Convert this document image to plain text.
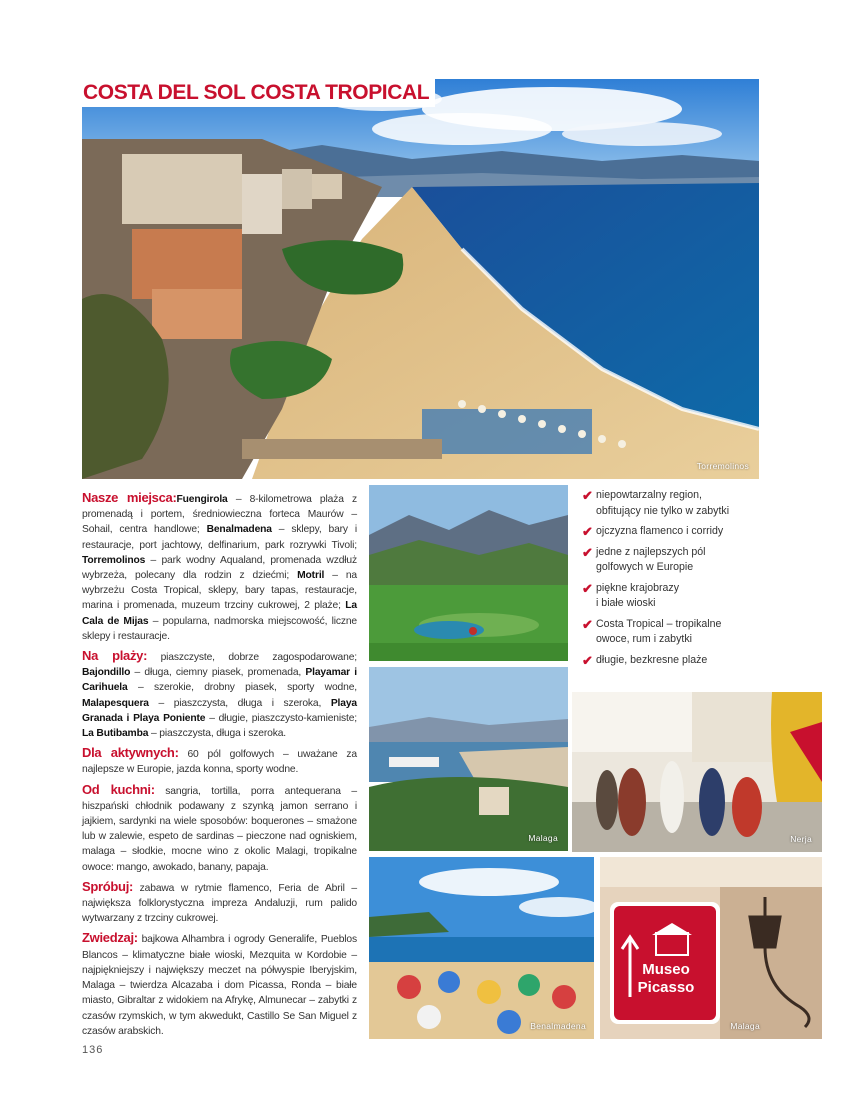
Torremolinos
COSTA DEL SOL COSTA TROPICAL

Nasze miejsca:Fuengirola – 8-kilometrowa plaża z promenadą i portem, średniowieczna forteca Maurów – Sohail, centra handlowe; Benalmadena – sklepy, bary i restauracje, port jachtowy, delfinarium, park rozrywki Tivoli; Torremolinos – park wodny Aqualand, promenada wzdłuż wybrzeża, polecany dla rodzin z dziećmi; Motril – na wybrzeżu Costa Tropical, sklepy, bary tapas, restauracje, marina i promenada, muzeum trzciny cukrowej, 2 plaże; La Cala de Mijas – popularna, nadmorska miejscowość, liczne sklepy i restauracje.

Na plaży: piaszczyste, dobrze zagospodarowane; Bajondillo – długa, ciemny piasek, promenada, Playamar i Carihuela – szerokie, drobny piasek, sporty wodne, Malapesquera – piaszczysta, długa i szeroka, Playa Granada i Playa Poniente – długie, piaszczysto-kamieniste; La Butibamba – piaszczysta, długa i szeroka.

Dla aktywnych: 60 pól golfowych – uważane za najlepsze w Europie, jazda konna, sporty wodne.

Od kuchni: sangria, tortilla, porra antequerana – hiszpański chłodnik podawany z szynką jamon serrano i jajkiem, sardynki na wiele sposobów: boquerones – smażone lub w zalewie, espeto de sardinas – pieczone nad ogniskiem, malaga – słodkie, mocne wino z okolic Malagi, tropikalne owoce: mango, awokado, banany, papaja.

Spróbuj: zabawa w rytmie flamenco, Feria de Abril – największa folklorystyczna impreza Andaluzji, rum palido wytwarzany z trzciny cukrowej.

Zwiedzaj: bajkowa Alhambra i ogrody Generalife, Pueblos Blancos – klimatyczne białe wioski, Mezquita w Kordobie – najpiękniejszy i największy meczet na półwyspie Iberyjskim, Malaga – twierdza Alcazaba i dom Picassa, Ronda – białe miasto, Gibraltar z widokiem na Afrykę, Almunecar – zabytki z czasów rzymskich, w tym akwedukt, Castillo Se San Miguel z czasów arabskich.

✔ niepowtarzalny region,
obfitujący nie tylko w zabytki
✔ ojczyzna flamenco i corridy
✔ jedne z najlepszych pól
golfowych w Europie
✔ piękne krajobrazy
i białe wioski
✔ Costa Tropical – tropikalne
owoce, rum i zabytki
✔ długie, bezkresne plaże
Malaga	Nerja
Benalmadena
Museo
Picasso
Malaga
136
